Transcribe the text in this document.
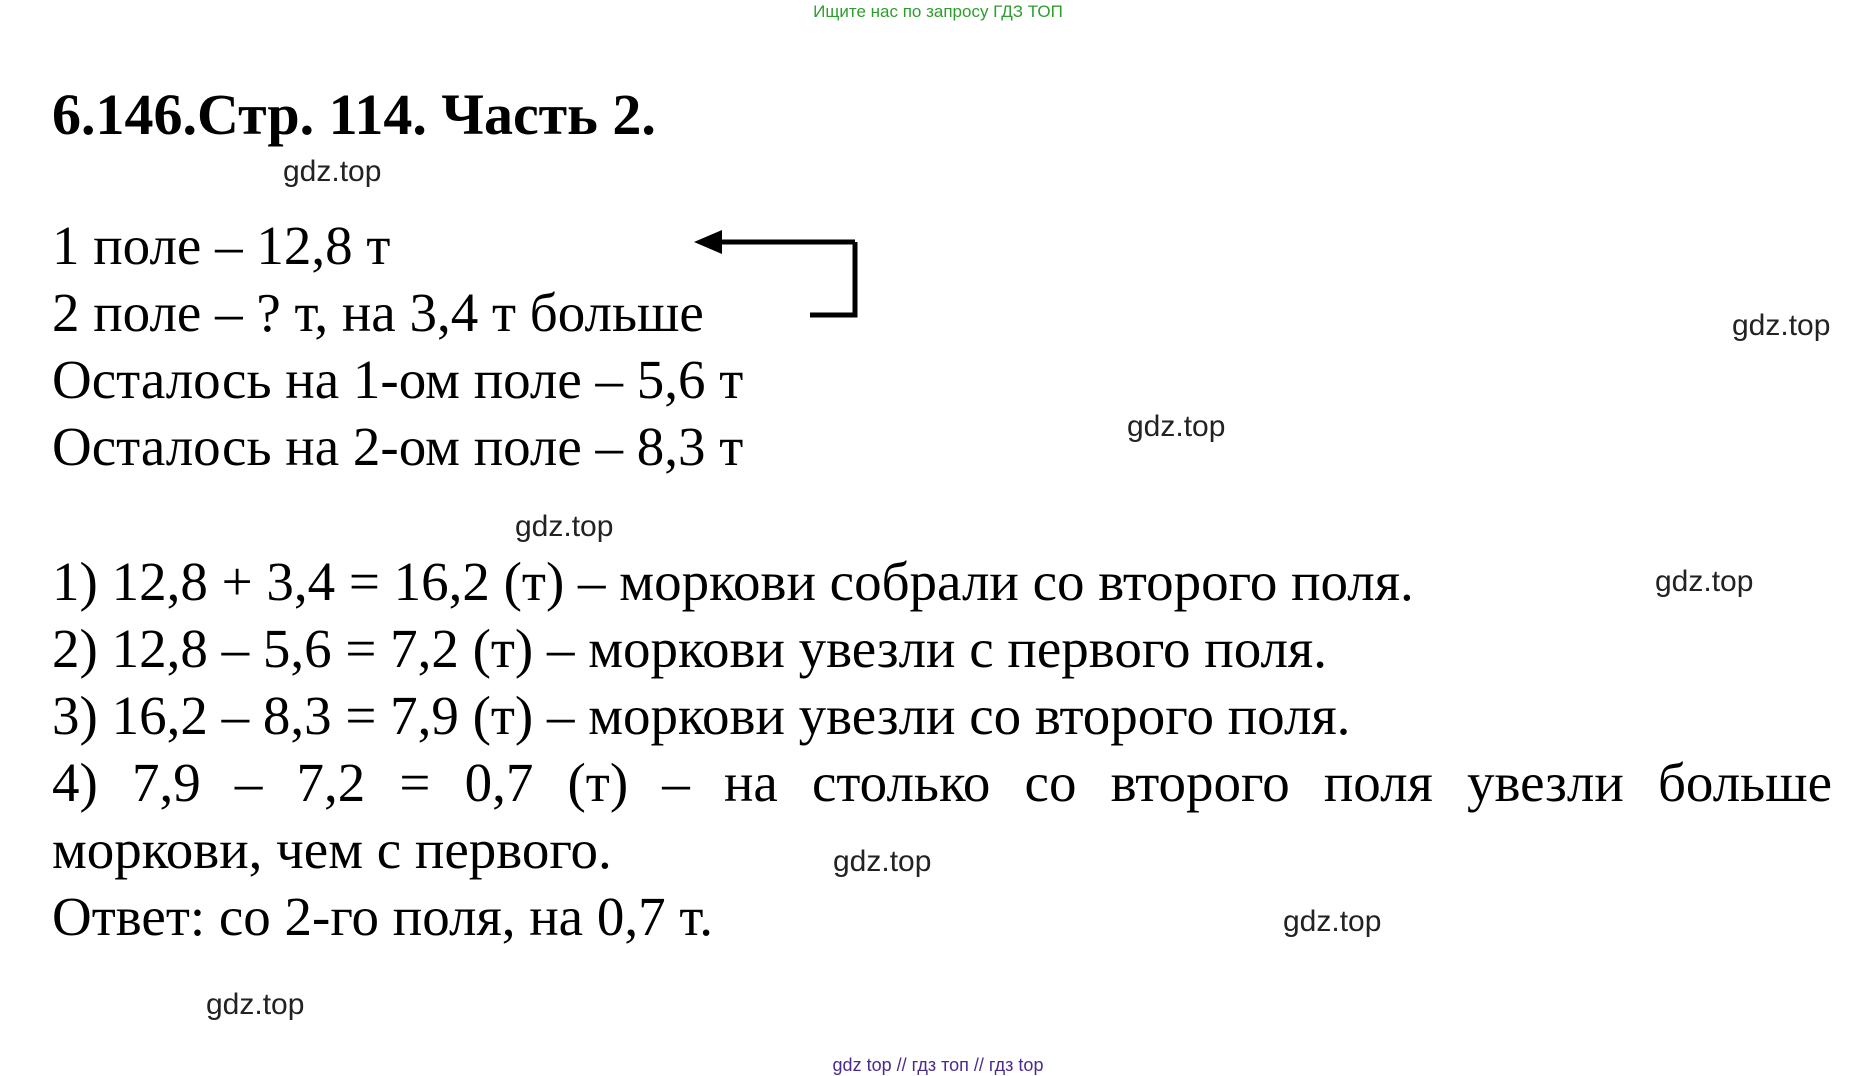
Ищите нас по запросу ГДЗ ТОП
6.146.Стр. 114. Часть 2.
1 поле – 12,8 т
2 поле – ? т, на 3,4 т больше
Осталось на 1-ом поле – 5,6 т
Осталось на 2-ом поле – 8,3 т
1) 12,8 + 3,4 = 16,2 (т) – моркови собрали со второго поля.
2) 12,8 – 5,6 = 7,2 (т) – моркови увезли с первого поля.
3) 16,2 – 8,3 = 7,9 (т) – моркови увезли со второго поля.
4) 7,9 – 7,2 = 0,7 (т) – на столько со второго поля увезли больше
моркови, чем с первого.
Ответ: со 2-го поля, на 0,7 т.
gdz.top
gdz.top
gdz.top
gdz.top
gdz.top
gdz.top
gdz.top
gdz.top
gdz top // гдз топ // гдз top
